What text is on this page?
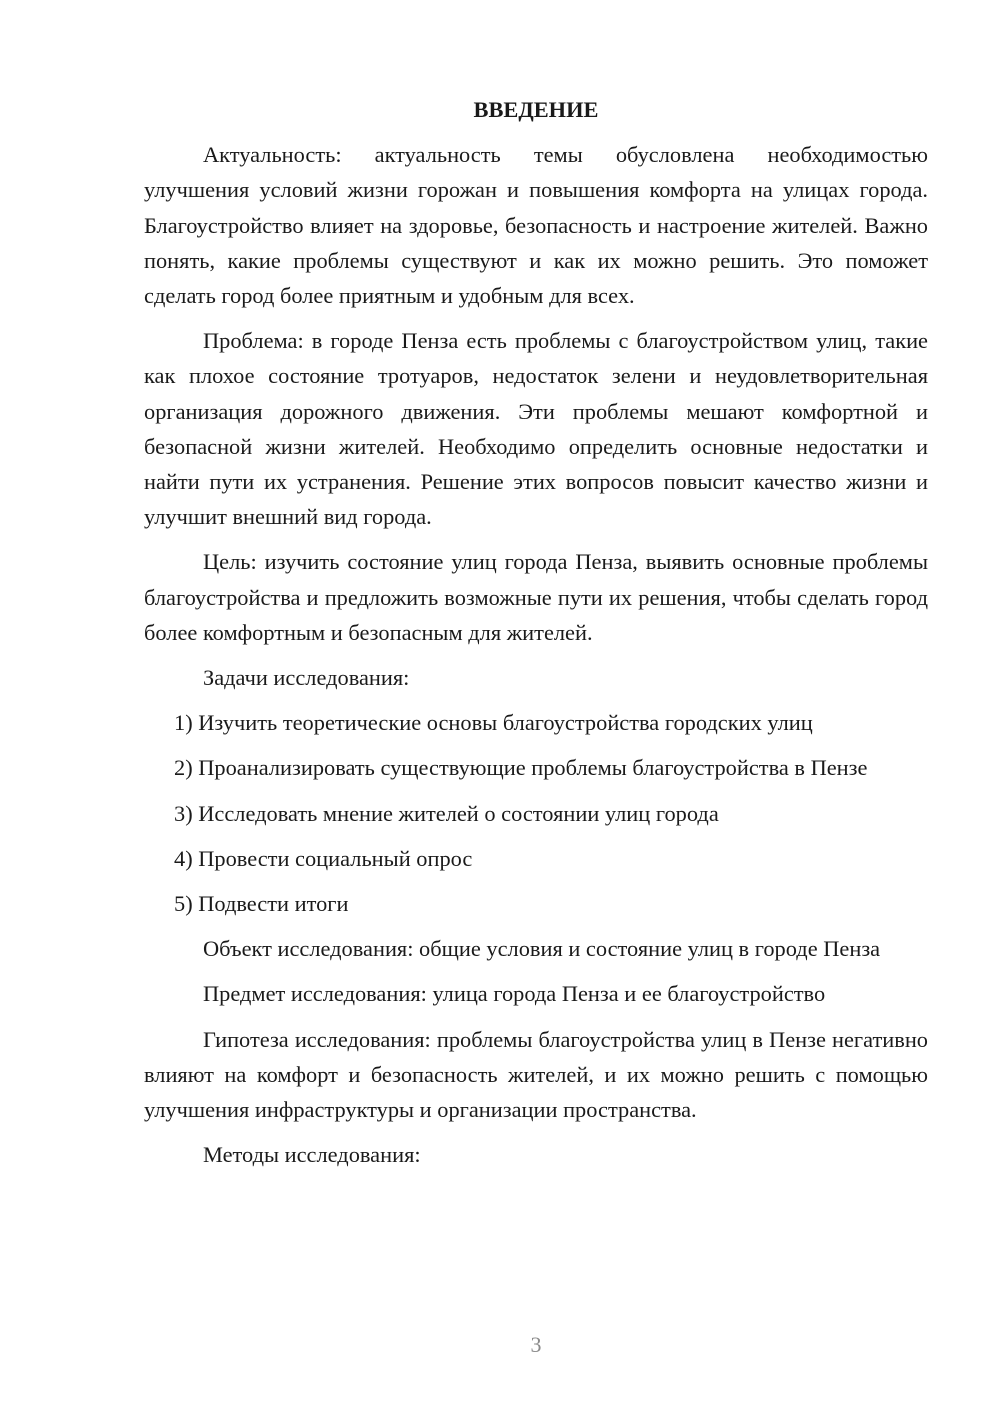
ВВЕДЕНИЕ

Актуальность: актуальность темы обусловлена необходимостью улучшения условий жизни горожан и повышения комфорта на улицах города. Благоустройство влияет на здоровье, безопасность и настроение жителей. Важно понять, какие проблемы существуют и как их можно решить. Это поможет сделать город более приятным и удобным для всех.

Проблема: в городе Пенза есть проблемы с благоустройством улиц, такие как плохое состояние тротуаров, недостаток зелени и неудовлетворительная организация дорожного движения. Эти проблемы мешают комфортной и безопасной жизни жителей. Необходимо определить основные недостатки и найти пути их устранения. Решение этих вопросов повысит качество жизни и улучшит внешний вид города.

Цель: изучить состояние улиц города Пенза, выявить основные проблемы благоустройства и предложить возможные пути их решения, чтобы сделать город более комфортным и безопасным для жителей.

Задачи исследования:

1) Изучить теоретические основы благоустройства городских улиц

2) Проанализировать существующие проблемы благоустройства в Пензе

3) Исследовать мнение жителей о состоянии улиц города

4) Провести социальный опрос

5) Подвести итоги

Объект исследования: общие условия и состояние улиц в городе Пенза

Предмет исследования: улица города Пенза и ее благоустройство

Гипотеза исследования: проблемы благоустройства улиц в Пензе негативно влияют на комфорт и безопасность жителей, и их можно решить с помощью улучшения инфраструктуры и организации пространства.

Методы исследования:

3
